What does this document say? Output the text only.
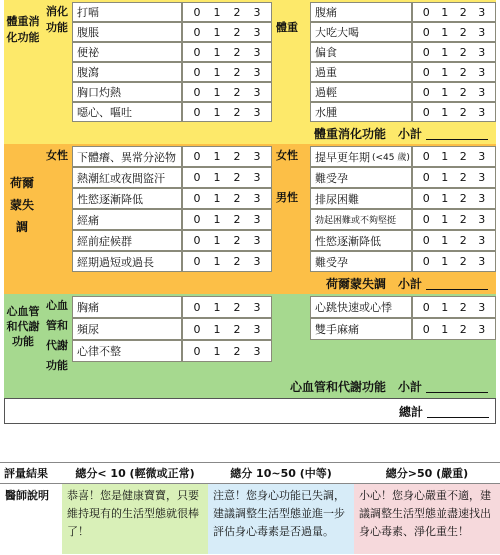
體重消化功能
消化功能	體重
打嗝	0 1 2 3
腹脹	0 1 2 3
便祕	0 1 2 3
腹瀉	0 1 2 3
胸口灼熱	0 1 2 3
噁心、嘔吐	0 1 2 3
腹痛	0 1 2 3
大吃大喝	0 1 2 3
偏食	0 1 2 3
過重	0 1 2 3
過輕	0 1 2 3
水腫	0 1 2 3
體重消化功能　小計
荷爾蒙失調
女性	女性
男性
下體癢、異常分泌物	0 1 2 3
熱潮紅或夜間盜汗	0 1 2 3
性慾逐漸降低	0 1 2 3
經痛	0 1 2 3
經前症候群	0 1 2 3
經期過短或過長	0 1 2 3
提早更年期 (<45 歲) 0 1 2 3
難受孕	0 1 2 3
排尿困難	0 1 2 3
勃起困難或不夠堅挺	0 1 2 3
性慾逐漸降低	0 1 2 3
難受孕	0 1 2 3
荷爾蒙失調　小計
心血管和代謝功能
心血管和代謝功能
胸痛	0 1 2 3
頻尿	0 1 2 3
心律不整	0 1 2 3
心跳快速或心悸	0 1 2 3
雙手麻痛	0 1 2 3
心血管和代謝功能　小計
總計
評量結果	總分< 10 (輕微或正常)	總分 10~50 (中等)	總分>50 (嚴重)
醫師說明	恭喜！您是健康寶寶，只要維持現有的生活型態就很棒了！
注意！您身心功能已失調，建議調整生活型態並進一步評估身心毒素是否過量。
小心！您身心嚴重不適，建議調整生活型態並盡速找出身心毒素、淨化重生！
